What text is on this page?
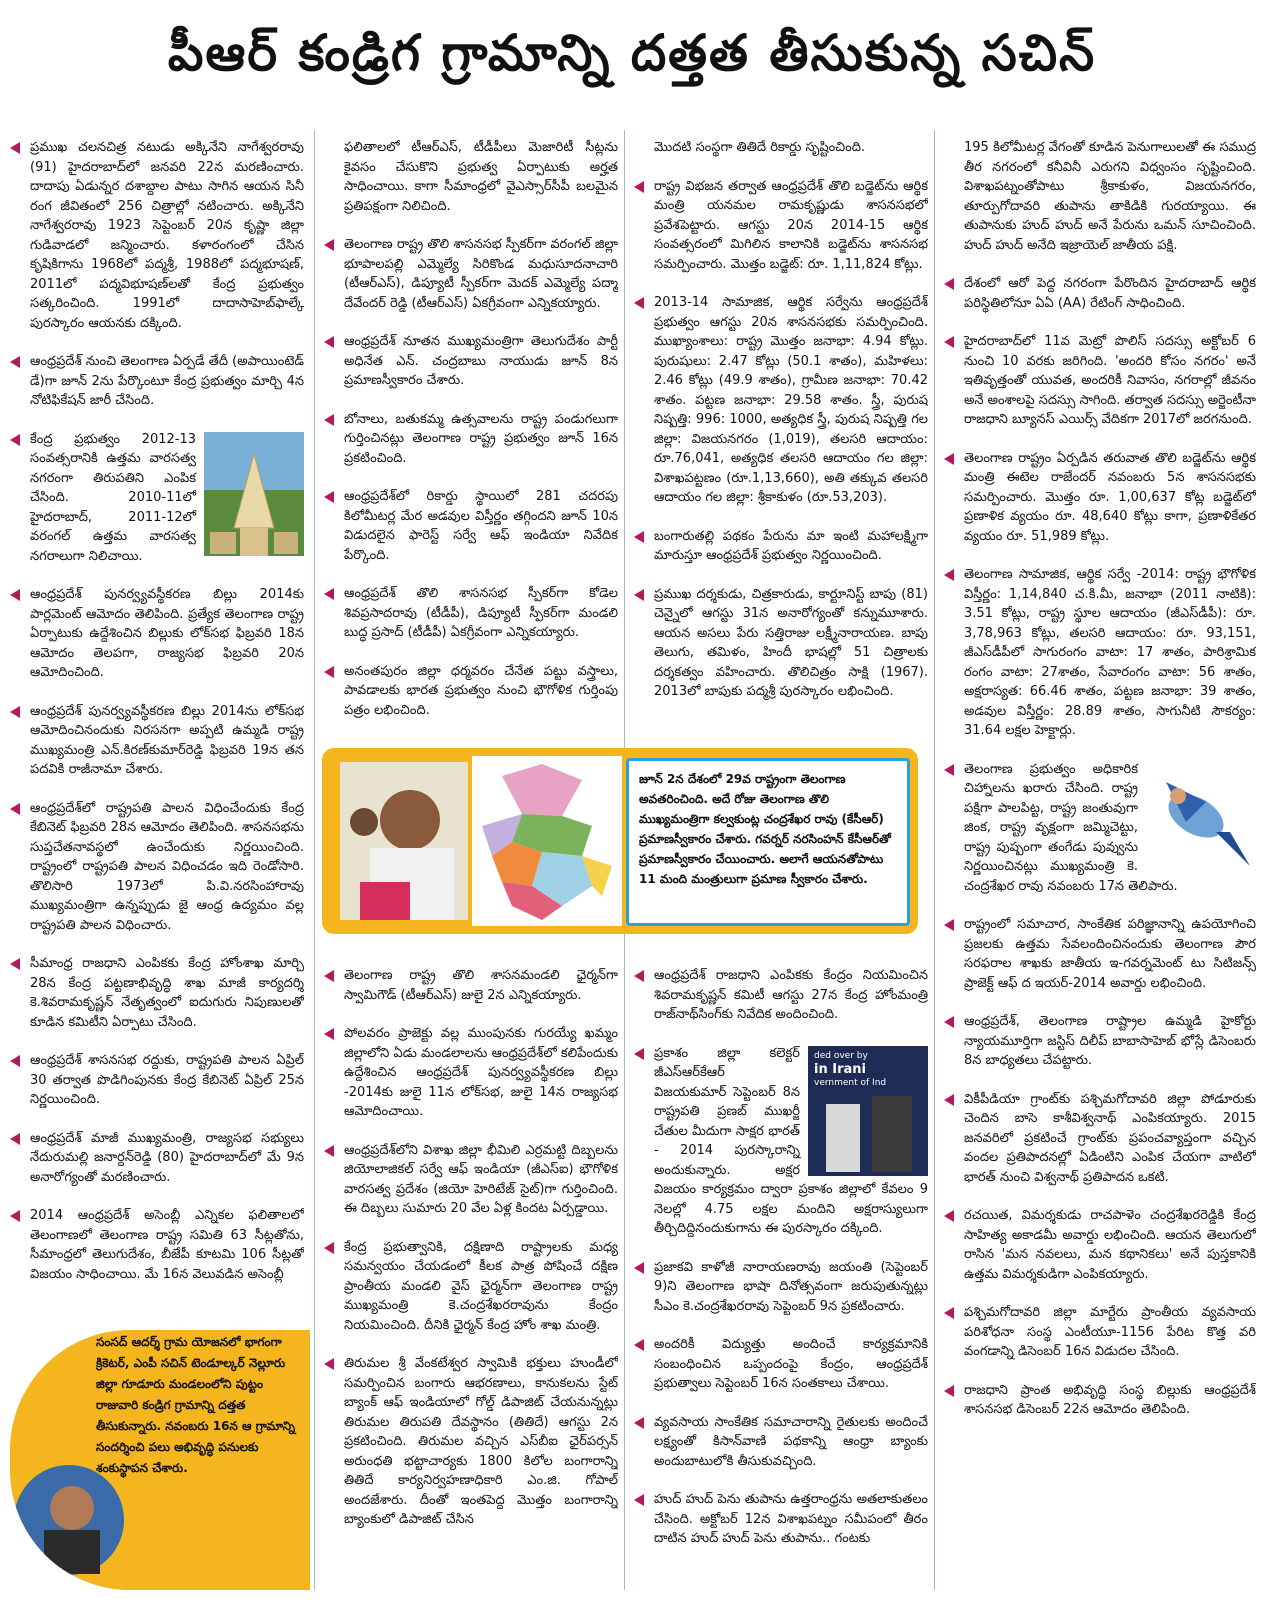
పీఆర్ కండ్రిగ గ్రామాన్ని దత్తత తీసుకున్న సచిన్
ప్రముఖ చలనచిత్ర నటుడు అక్కినేని నాగేశ్వరరావు (91) హైదరాబాద్‌లో జనవరి 22న మరణించారు. దాదాపు ఏడున్నర దశాబ్దాల పాటు సాగిన ఆయన సినీ రంగ జీవితంలో 256 చిత్రాల్లో నటించారు. అక్కినేని నాగేశ్వరరావు 1923 సెప్టెంబర్ 20న కృష్ణా జిల్లా గుడివాడలో జన్మించారు. కళారంగంలో చేసిన కృషికిగాను 1968లో పద్మశ్రీ, 1988లో పద్మభూషణ్, 2011లో పద్మవిభూషణ్‌లతో కేంద్ర ప్రభుత్వం సత్కరించింది. 1991లో దాదాసాహెబ్‌ఫాల్కే పురస్కారం ఆయనకు దక్కింది.
ఆంధ్రప్రదేశ్ నుంచి తెలంగాణ ఏర్పడే తేదీ (అపాయింటెడ్ డే)గా జూన్ 2ను పేర్కొంటూ కేంద్ర ప్రభుత్వం మార్చి 4న నోటిఫికేషన్ జారీ చేసింది.
కేంద్ర ప్రభుత్వం 2012-13 సంవత్సరానికి ఉత్తమ వారసత్వ నగరంగా తిరుపతిని ఎంపిక చేసింది. 2010-11లో హైదరాబాద్, 2011-12లో వరంగల్ ఉత్తమ వారసత్వ నగరాలుగా నిలిచాయి.
ఆంధ్రప్రదేశ్ పునర్వ్యవస్థీకరణ బిల్లు 2014కు పార్లమెంట్ ఆమోదం తెలిపింది. ప్రత్యేక తెలంగాణ రాష్ట్ర ఏర్పాటుకు ఉద్దేశించిన బిల్లుకు లోక్‌సభ ఫిబ్రవరి 18న ఆమోదం తెలపగా, రాజ్యసభ ఫిబ్రవరి 20న ఆమోదించింది.
ఆంధ్రప్రదేశ్ పునర్వ్యవస్థీకరణ బిల్లు 2014ను లోక్‌సభ ఆమోదించినందుకు నిరసనగా అప్పటి ఉమ్మడి రాష్ట్ర ముఖ్యమంత్రి ఎన్.కిరణ్‌కుమార్‌రెడ్డి ఫిబ్రవరి 19న తన పదవికి రాజీనామా చేశారు.
ఆంధ్రప్రదేశ్‌లో రాష్ట్రపతి పాలన విధించేందుకు కేంద్ర కేబినెట్ ఫిబ్రవరి 28న ఆమోదం తెలిపింది. శాసనసభను సుప్తచేతనావస్థలో ఉంచేందుకు నిర్ణయించింది. రాష్ట్రంలో రాష్ట్రపతి పాలన విధించడం ఇది రెండోసారి. తొలిసారి 1973లో పి.వి.నరసింహారావు ముఖ్యమంత్రిగా ఉన్నప్పుడు జై ఆంధ్ర ఉద్యమం వల్ల రాష్ట్రపతి పాలన విధించారు.
సీమాంధ్ర రాజధాని ఎంపికకు కేంద్ర హోంశాఖ మార్చి 28న కేంద్ర పట్టణాభివృద్ధి శాఖ మాజీ కార్యదర్శి కె.శివరామకృష్ణన్ నేతృత్వంలో ఐదుగురు నిపుణులతో కూడిన కమిటీని ఏర్పాటు చేసింది.
ఆంధ్రప్రదేశ్ శాసనసభ రద్దుకు, రాష్ట్రపతి పాలన ఏప్రిల్ 30 తర్వాత పొడిగింపునకు కేంద్ర కేబినెట్ ఏప్రిల్ 25న నిర్ణయించింది.
ఆంధ్రప్రదేశ్ మాజీ ముఖ్యమంత్రి, రాజ్యసభ సభ్యులు నేదురుమల్లి జనార్దన్‌రెడ్డి (80) హైదరాబాద్‌లో మే 9న అనారోగ్యంతో మరణించారు.
2014 ఆంధ్రప్రదేశ్ అసెంబ్లీ ఎన్నికల ఫలితాలలో తెలంగాణలో తెలంగాణ రాష్ట్ర సమితి 63 సీట్లతోను, సీమాంధ్రలో తెలుగుదేశం, బీజేపీ కూటమి 106 సీట్లతో విజయం సాధించాయి. మే 16న వెలువడిన అసెంబ్లీ
ఫలితాలలో టీఆర్ఎస్, టీడీపీలు మెజారిటీ సీట్లను కైవసం చేసుకొని ప్రభుత్వ ఏర్పాటుకు అర్హత సాధించాయి. కాగా సీమాంధ్రలో వైఎస్సార్‌సీపీ బలమైన ప్రతిపక్షంగా నిలిచింది.
తెలంగాణ రాష్ట్ర తొలి శాసనసభ స్పీకర్‌గా వరంగల్ జిల్లా భూపాలపల్లి ఎమ్మెల్యే సిరికొండ మధుసూదనాచారి (టీఆర్ఎస్), డిప్యూటీ స్పీకర్‌గా మెదక్ ఎమ్మెల్యే పద్మా దేవేందర్ రెడ్డి (టీఆర్ఎస్) ఏకగ్రీవంగా ఎన్నికయ్యారు.
ఆంధ్రప్రదేశ్ నూతన ముఖ్యమంత్రిగా తెలుగుదేశం పార్టీ అధినేత ఎన్. చంద్రబాబు నాయుడు జూన్ 8న ప్రమాణస్వీకారం చేశారు.
బోనాలు, బతుకమ్మ ఉత్సవాలను రాష్ట్ర పండుగలుగా గుర్తించినట్లు తెలంగాణ రాష్ట్ర ప్రభుత్వం జూన్ 16న ప్రకటించింది.
ఆంధ్రప్రదేశ్‌లో రికార్డు స్థాయిలో 281 చదరపు కిలోమీటర్ల మేర అడవుల విస్తీర్ణం తగ్గిందని జూన్ 10న విడుదలైన ఫారెస్ట్ సర్వే ఆఫ్ ఇండియా నివేదిక పేర్కొంది.
ఆంధ్రప్రదేశ్ తొలి శాసనసభ స్పీకర్‌గా కోడెల శివప్రసాదరావు (టీడీపీ), డిప్యూటీ స్పీకర్‌గా మండలి బుద్ధ ప్రసాద్ (టీడీపీ) ఏకగ్రీవంగా ఎన్నికయ్యారు.
అనంతపురం జిల్లా ధర్మవరం చేనేత పట్టు వస్త్రాలు, పావడాలకు భారత ప్రభుత్వం నుంచి భౌగోళిక గుర్తింపు పత్రం లభించింది.
మొదటి సంస్థగా తితిదే రికార్డు సృష్టించింది.
రాష్ట్ర విభజన తర్వాత ఆంధ్రప్రదేశ్ తొలి బడ్జెట్‌ను ఆర్థిక మంత్రి యనమల రామకృష్ణుడు శాసనసభలో ప్రవేశపెట్టారు. ఆగస్టు 20న 2014-15 ఆర్థిక సంవత్సరంలో మిగిలిన కాలానికి బడ్జెట్‌ను శాసనసభ సమర్పించారు. మొత్తం బడ్జెట్: రూ. 1,11,824 కోట్లు.
2013-14 సామాజిక, ఆర్థిక సర్వేను ఆంధ్రప్రదేశ్ ప్రభుత్వం ఆగస్టు 20న శాసనసభకు సమర్పించింది. ముఖ్యాంశాలు: రాష్ట్ర మొత్తం జనాభా: 4.94 కోట్లు. పురుషులు: 2.47 కోట్లు (50.1 శాతం), మహిళలు: 2.46 కోట్లు (49.9 శాతం), గ్రామీణ జనాభా: 70.42 శాతం. పట్టణ జనాభా: 29.58 శాతం. స్త్రీ, పురుష నిష్పత్తి: 996: 1000, అత్యధిక స్త్రీ, పురుష నిష్పత్తి గల జిల్లా: విజయనగరం (1,019), తలసరి ఆదాయం: రూ.76,041, అత్యధిక తలసరి ఆదాయం గల జిల్లా: విశాఖపట్టణం (రూ.1,13,660), అతి తక్కువ తలసరి ఆదాయం గల జిల్లా: శ్రీకాకుళం (రూ.53,203).
బంగారుతల్లి పథకం పేరును మా ఇంటి మహాలక్ష్మిగా మారుస్తూ ఆంధ్రప్రదేశ్ ప్రభుత్వం నిర్ణయించింది.
ప్రముఖ దర్శకుడు, చిత్రకారుడు, కార్టూనిస్ట్ బాపు (81) చెన్నైలో ఆగస్టు 31న అనారోగ్యంతో కన్నుమూశారు. ఆయన అసలు పేరు సత్తిరాజు లక్ష్మీనారాయణ. బాపు తెలుగు, తమిళం, హిందీ భాషల్లో 51 చిత్రాలకు దర్శకత్వం వహించారు. తొలిచిత్రం సాక్షి (1967). 2013లో బాపుకు పద్మశ్రీ పురస్కారం లభించింది.
జూన్ 2న దేశంలో 29వ రాష్ట్రంగా తెలంగాణ అవతరించింది. అదే రోజు తెలంగాణ తొలి ముఖ్యమంత్రిగా కల్వకుంట్ల చంద్రశేఖర రావు (కేసీఆర్) ప్రమాణస్వీకారం చేశారు. గవర్నర్ నరసింహన్ కేసీఆర్‌తో ప్రమాణస్వీకారం చేయించారు. అలాగే ఆయనతోపాటు 11 మంది మంత్రులుగా ప్రమాణ స్వీకారం చేశారు.
తెలంగాణ రాష్ట్ర తొలి శాసనమండలి ఛైర్మన్‌గా స్వామిగౌడ్ (టీఆర్ఎస్) జులై 2న ఎన్నికయ్యారు.
పోలవరం ప్రాజెక్టు వల్ల ముంపునకు గురయ్యే ఖమ్మం జిల్లాలోని ఏడు మండలాలను ఆంధ్రప్రదేశ్‌లో కలిపేందుకు ఉద్దేశించిన ఆంధ్రప్రదేశ్ పునర్వ్యవస్థీకరణ బిల్లు -2014కు జులై 11న లోక్‌సభ, జులై 14న రాజ్యసభ ఆమోదించాయి.
ఆంధ్రప్రదేశ్‌లోని విశాఖ జిల్లా భీమిలి ఎర్రమట్టి దిబ్బలను జియోలాజికల్ సర్వే ఆఫ్ ఇండియా (జీఎస్ఐ) భౌగోళిక వారసత్వ ప్రదేశం (జియో హెరిటేజ్ సైట్)గా గుర్తించింది. ఈ దిబ్బలు సుమారు 20 వేల ఏళ్ల కిందట ఏర్పడ్డాయి.
కేంద్ర ప్రభుత్వానికి, దక్షిణాది రాష్ట్రాలకు మధ్య సమన్వయం చేయడంలో కీలక పాత్ర పోషించే దక్షిణ ప్రాంతీయ మండలి వైస్ ఛైర్మన్‌గా తెలంగాణ రాష్ట్ర ముఖ్యమంత్రి కె.చంద్రశేఖరరావును కేంద్రం నియమించింది. దీనికి ఛైర్మన్ కేంద్ర హోం శాఖ మంత్రి.
తిరుమల శ్రీ వేంకటేశ్వర స్వామికి భక్తులు హుండీలో సమర్పించిన బంగారు ఆభరణాలు, కానుకలను స్టేట్ బ్యాంక్ ఆఫ్ ఇండియాలో గోల్డ్ డిపాజిట్ చేయనున్నట్లు తిరుమల తిరుపతి దేవస్థానం (తితిదే) ఆగస్టు 2న ప్రకటించింది. తిరుమల వచ్చిన ఎస్‌బీఐ ఛైర్‌పర్సన్ అరుంధతి భట్టాచార్యకు 1800 కిలోల బంగారాన్ని తితిదే కార్యనిర్వహణాధికారి ఎం.జి. గోపాల్ అందజేశారు. దీంతో ఇంతపెద్ద మొత్తం బంగారాన్ని బ్యాంకులో డిపాజిట్ చేసిన
ఆంధ్రప్రదేశ్ రాజధాని ఎంపికకు కేంద్రం నియమించిన శివరామకృష్ణన్ కమిటీ ఆగస్టు 27న కేంద్ర హోంమంత్రి రాజ్‌నాథ్‌సింగ్‌కు నివేదిక అందించింది.
ded over by
in Irani
vernment of Ind
ప్రకాశం జిల్లా కలెక్టర్ జీఎస్‌ఆర్‌కేఆర్ విజయకుమార్ సెప్టెంబర్ 8న రాష్ట్రపతి ప్రణబ్ ముఖర్జీ చేతుల మీదుగా సాక్షర భారత్ - 2014 పురస్కారాన్ని అందుకున్నారు. అక్షర విజయం కార్యక్రమం ద్వారా ప్రకాశం జిల్లాలో కేవలం 9 నెలల్లో 4.75 లక్షల మందిని అక్షరాస్యులుగా తీర్చిదిద్దినందుకుగాను ఈ పురస్కారం దక్కింది.
ప్రజాకవి కాళోజీ నారాయణరావు జయంతి (సెప్టెంబర్ 9)ని తెలంగాణ భాషా దినోత్సవంగా జరుపుతున్నట్లు సీఎం కె.చంద్రశేఖరరావు సెప్టెంబర్ 9న ప్రకటించారు.
అందరికీ విద్యుత్తు అందించే కార్యక్రమానికి సంబంధించిన ఒప్పందంపై కేంద్రం, ఆంధ్రప్రదేశ్ ప్రభుత్వాలు సెప్టెంబర్ 16న సంతకాలు చేశాయి.
వ్యవసాయ సాంకేతిక సమాచారాన్ని రైతులకు అందించే లక్ష్యంతో కిసాన్‌వాణి పథకాన్ని ఆంధ్రా బ్యాంకు అందుబాటులోకి తీసుకువచ్చింది.
హుద్ హుద్ పెను తుపాను ఉత్తరాంధ్రను అతలాకుతలం చేసింది. అక్టోబర్ 12న విశాఖపట్నం సమీపంలో తీరం దాటిన హుద్ హుద్ పెను తుపాను.. గంటకు
195 కిలోమీటర్ల వేగంతో కూడిన పెనుగాలులతో ఈ సముద్ర తీర నగరంలో కనీవినీ ఎరుగని విధ్వంసం సృష్టించింది. విశాఖపట్నంతోపాటు శ్రీకాకుళం, విజయనగరం, తూర్పుగోదావరి తుపాను తాకిడికి గురయ్యాయి. ఈ తుపానుకు హుద్ హుద్ అనే పేరును ఒమన్ సూచించింది. హుద్ హుద్ అనేది ఇజ్రాయెల్ జాతీయ పక్షి.
దేశంలో ఆరో పెద్ద నగరంగా పేరొందిన హైదరాబాద్ ఆర్థిక పరిస్థితిలోనూ ఏఏ (AA) రేటింగ్ సాధించింది.
హైదరాబాద్‌లో 11వ మెట్రో పొలిస్ సదస్సు అక్టోబర్ 6 నుంచి 10 వరకు జరిగింది. 'అందరి కోసం నగరం' అనే ఇతివృత్తంతో యువత, అందరికీ నివాసం, నగరాల్లో జీవనం అనే అంశాలపై సదస్సు సాగింది. తర్వాత సదస్సు అర్జెంటీనా రాజధాని బ్యూనస్ ఎయిర్స్ వేదికగా 2017లో జరగనుంది.
తెలంగాణ రాష్ట్రం ఏర్పడిన తరువాత తొలి బడ్జెట్‌ను ఆర్థిక మంత్రి ఈటెల రాజేందర్ నవంబరు 5న శాసనసభకు సమర్పించారు. మొత్తం రూ. 1,00,637 కోట్ల బడ్జెట్‌లో ప్రణాళిక వ్యయం రూ. 48,640 కోట్లు కాగా, ప్రణాళికేతర వ్యయం రూ. 51,989 కోట్లు.
తెలంగాణ సామాజిక, ఆర్థిక సర్వే -2014: రాష్ట్ర భౌగోళిక విస్తీర్ణం: 1,14,840 చ.కి.మీ, జనాభా (2011 నాటికి): 3.51 కోట్లు, రాష్ట్ర స్థూల ఆదాయం (జీఎస్‌డీపీ): రూ. 3,78,963 కోట్లు, తలసరి ఆదాయం: రూ. 93,151, జీఎస్‌డీపీలో సాగురంగం వాటా: 17 శాతం, పారిశ్రామిక రంగం వాటా: 27శాతం, సేవారంగం వాటా: 56 శాతం, అక్షరాస్యత: 66.46 శాతం, పట్టణ జనాభా: 39 శాతం, అడవుల విస్తీర్ణం: 28.89 శాతం, సాగునీటి సౌకర్యం: 31.64 లక్షల హెక్టార్లు.
తెలంగాణ ప్రభుత్వం అధికారిక చిహ్నాలను ఖరారు చేసింది. రాష్ట్ర పక్షిగా పాలపిట్ట, రాష్ట్ర జంతువుగా జింక, రాష్ట్ర వృక్షంగా జమ్మిచెట్టు, రాష్ట్ర పుష్పంగా తంగేడు పువ్వును నిర్ణయించినట్లు ముఖ్యమంత్రి కె. చంద్రశేఖర రావు నవంబరు 17న తెలిపారు.
రాష్ట్రంలో సమాచార, సాంకేతిక పరిజ్ఞానాన్ని ఉపయోగించి ప్రజలకు ఉత్తమ సేవలందించినందుకు తెలంగాణ పౌర సరఫరాల శాఖకు జాతీయ ఇ-గవర్నమెంట్ టు సిటిజన్స్ ప్రాజెక్ట్ ఆఫ్ ద ఇయర్-2014 అవార్డు లభించింది.
ఆంధ్రప్రదేశ్, తెలంగాణ రాష్ట్రాల ఉమ్మడి హైకోర్టు న్యాయమూర్తిగా జస్టిస్ దిలీప్ బాబాసాహెబ్ భోస్లే డిసెంబరు 8న బాధ్యతలు చేపట్టారు.
వికీపీడియా గ్రాంట్‌కు పశ్చిమగోదావరి జిల్లా పోడూరుకు చెందిన బాసె కాశీవిశ్వనాథ్ ఎంపికయ్యారు. 2015 జనవరిలో ప్రకటించే గ్రాంట్‌కు ప్రపంచవ్యాప్తంగా వచ్చిన వందల ప్రతిపాదనల్లో ఏడింటిని ఎంపిక చేయగా వాటిలో భారత్ నుంచి విశ్వనాథ్ ప్రతిపాదన ఒకటి.
రచయిత, విమర్శకుడు రాచపాళెం చంద్రశేఖరరెడ్డికి కేంద్ర సాహిత్య అకాడమీ అవార్డు లభించింది. ఆయన తెలుగులో రాసిన 'మన నవలలు, మన కథానికలు' అనే పుస్తకానికి ఉత్తమ విమర్శకుడిగా ఎంపికయ్యారు.
పశ్చిమగోదావరి జిల్లా మార్టేరు ప్రాంతీయ వ్యవసాయ పరిశోధనా సంస్థ ఎంటీయూ-1156 పేరిట కొత్త వరి వంగడాన్ని డిసెంబర్ 16న విడుదల చేసింది.
రాజధాని ప్రాంత అభివృద్ధి సంస్థ బిల్లుకు ఆంధ్రప్రదేశ్ శాసనసభ డిసెంబర్ 22న ఆమోదం తెలిపింది.
సంసద్ ఆదర్శ్ గ్రామ యోజనలో భాగంగా క్రికెటర్, ఎంపీ సచిన్ టెండూల్కర్ నెల్లూరు జిల్లా గూడూరు మండలంలోని పుట్టం రాజువారి కండ్రిగ గ్రామాన్ని దత్తత తీసుకున్నారు. నవంబరు 16న ఆ గ్రామాన్ని సందర్శించి పలు అభివృద్ధి పనులకు శంకుస్థాపన చేశారు.
